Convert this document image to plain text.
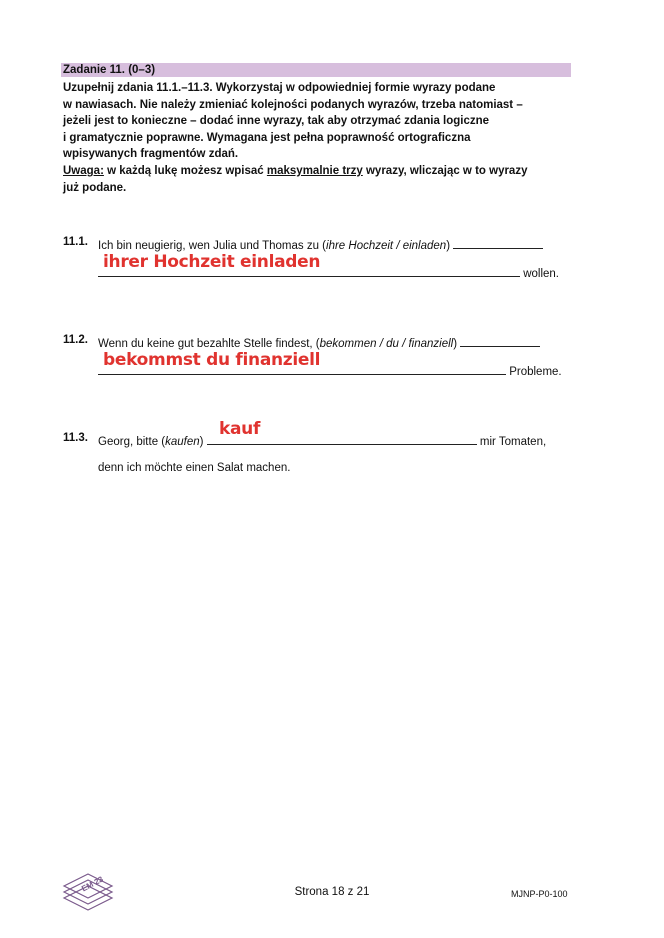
Zadanie 11. (0–3)
Uzupełnij zdania 11.1.–11.3. Wykorzystaj w odpowiedniej formie wyrazy podane
w nawiasach. Nie należy zmieniać kolejności podanych wyrazów, trzeba natomiast –
jeżeli jest to konieczne – dodać inne wyrazy, tak aby otrzymać zdania logiczne
i gramatycznie poprawne. Wymagana jest pełna poprawność ortograficzna
wpisywanych fragmentów zdań.
Uwaga: w każdą lukę możesz wpisać maksymalnie trzy wyrazy, wliczając w to wyrazy
już podane.
11.1. Ich bin neugierig, wen Julia und Thomas zu (ihre Hochzeit / einladen)
wollen.
ihrer Hochzeit einladen
11.2. Wenn du keine gut bezahlte Stelle findest, (bekommen / du / finanziell)
Probleme.
bekommst du finanziell
11.3. Georg, bitte (kaufen)	mir Tomaten,
denn ich möchte einen Salat machen.
kauf
EM 23	Strona 18 z 21	MJNP-P0-100
